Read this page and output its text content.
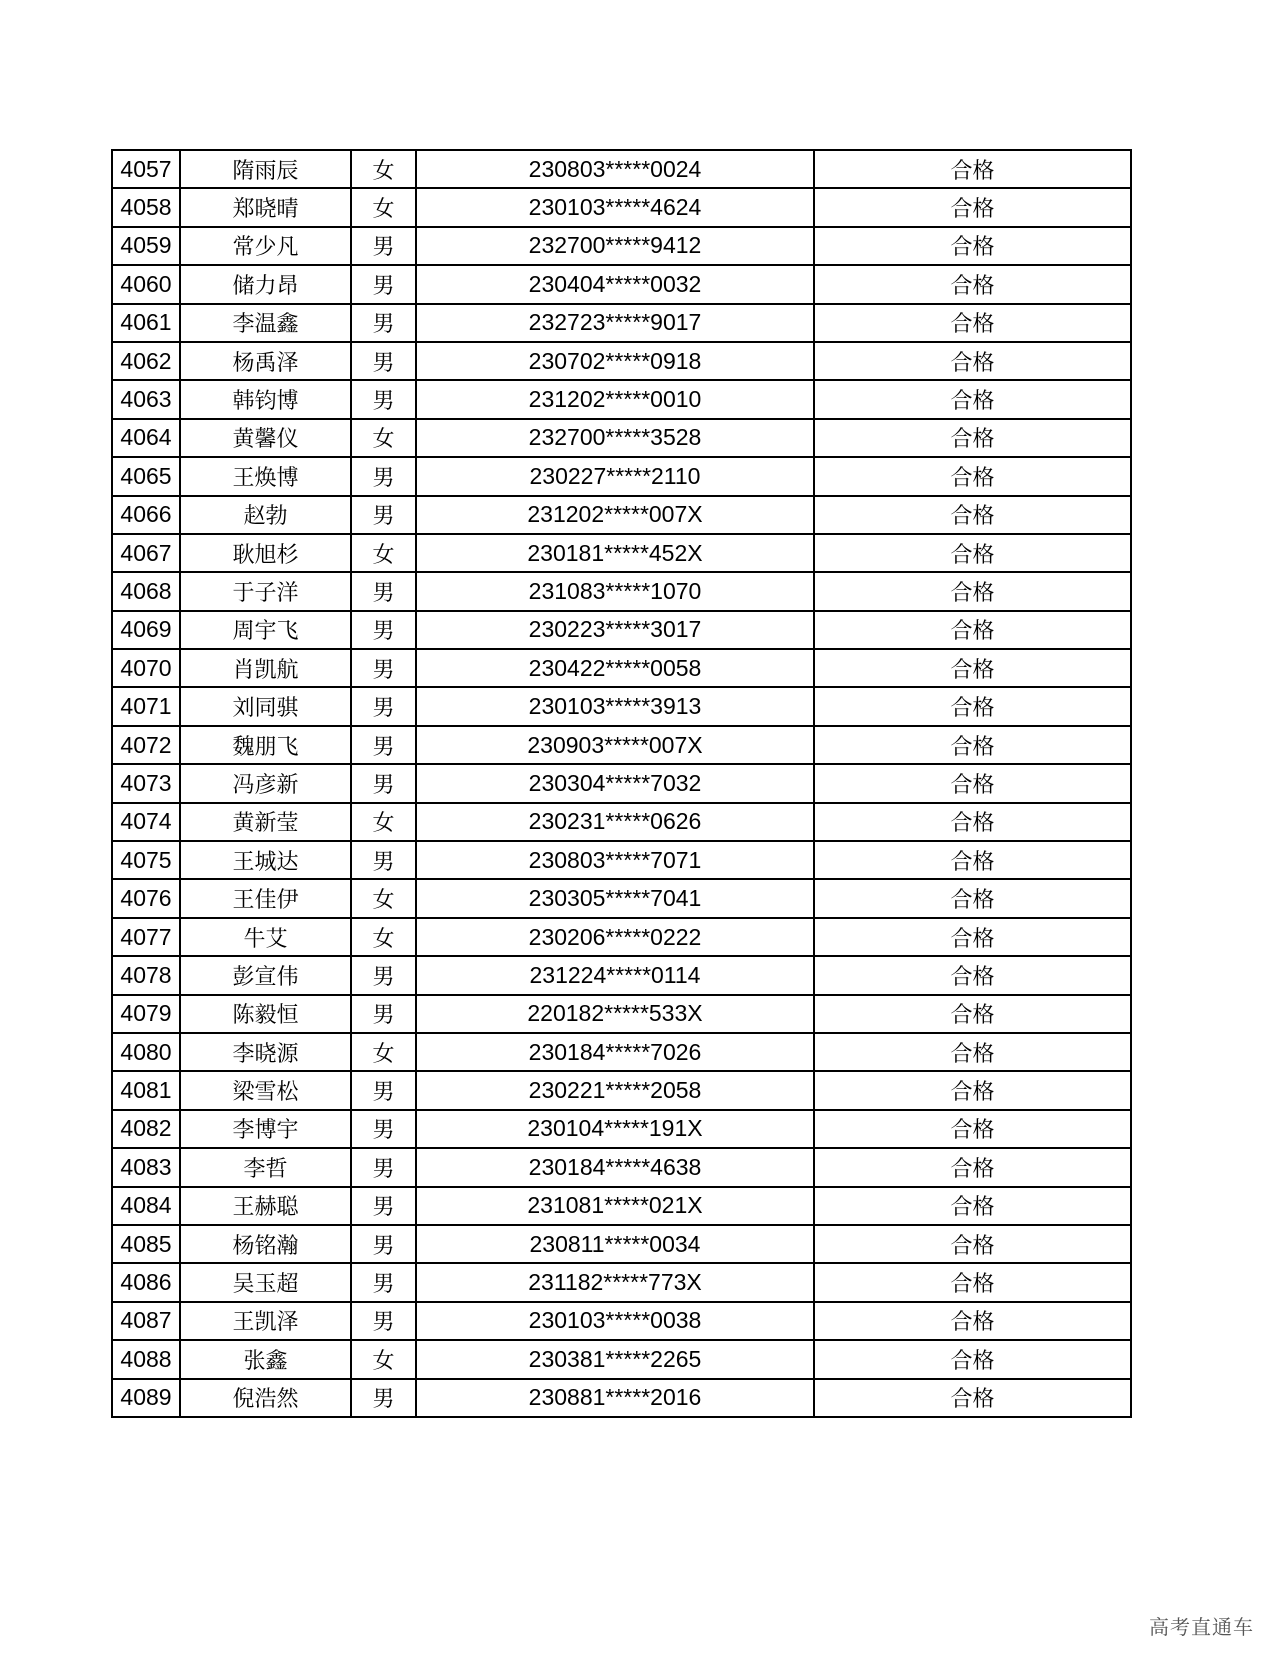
4057	隋雨辰	女	230803*****0024	合格
4058	郑晓晴	女	230103*****4624	合格
4059	常少凡	男	232700*****9412	合格
4060	储力昂	男	230404*****0032	合格
4061	李温鑫	男	232723*****9017	合格
4062	杨禹泽	男	230702*****0918	合格
4063	韩钧博	男	231202*****0010	合格
4064	黄馨仪	女	232700*****3528	合格
4065	王焕博	男	230227*****2110	合格
4066	赵勃	男	231202*****007X	合格
4067	耿旭杉	女	230181*****452X	合格
4068	于子洋	男	231083*****1070	合格
4069	周宇飞	男	230223*****3017	合格
4070	肖凯航	男	230422*****0058	合格
4071	刘同骐	男	230103*****3913	合格
4072	魏朋飞	男	230903*****007X	合格
4073	冯彦新	男	230304*****7032	合格
4074	黄新莹	女	230231*****0626	合格
4075	王城达	男	230803*****7071	合格
4076	王佳伊	女	230305*****7041	合格
4077	牛艾	女	230206*****0222	合格
4078	彭宣伟	男	231224*****0114	合格
4079	陈毅恒	男	220182*****533X	合格
4080	李晓源	女	230184*****7026	合格
4081	梁雪松	男	230221*****2058	合格
4082	李博宇	男	230104*****191X	合格
4083	李哲	男	230184*****4638	合格
4084	王赫聪	男	231081*****021X	合格
4085	杨铭瀚	男	230811*****0034	合格
4086	吴玉超	男	231182*****773X	合格
4087	王凯泽	男	230103*****0038	合格
4088	张鑫	女	230381*****2265	合格
4089	倪浩然	男	230881*****2016	合格
高考直通车
